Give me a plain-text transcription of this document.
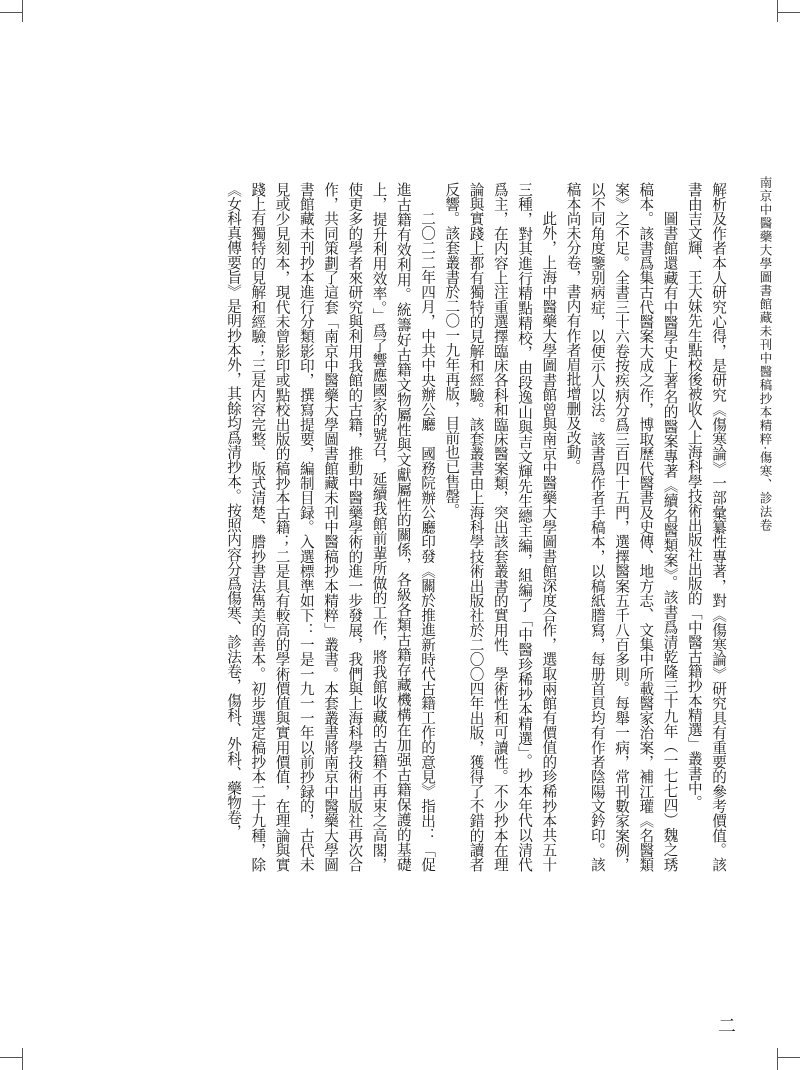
南京中醫藥大學圖書館藏未刊中醫稿抄本精粹·傷寒、診法卷

解析及作者本人研究心得，是研究《傷寒論》一部彙纂性專著，對《傷寒論》研究具有重要的參考價值。該書由吉文輝、王大妹先生點校後被收入上海科學技術出版社出版的「中醫古籍抄本精選」叢書中。

圖書館還藏有中醫學史上著名的醫案專著《續名醫類案》。該書爲清乾隆三十九年（一七七四）魏之琇稿本。該書爲集古代醫案大成之作，博取歷代醫書及史傳、地方志、文集中所載醫家治案，補江瓘《名醫類案》之不足。全書三十六卷按疾病分爲三百四十五門，選擇醫案五千八百多則。每舉一病，常刊數家案例，以不同角度鑒别病症，以便示人以法。該書爲作者手稿本，以稿紙謄寫，每册首頁均有作者陰陽文鈐印。該稿本尚未分卷，書内有作者眉批增删及改動。

此外，上海中醫藥大學圖書館曾與南京中醫藥大學圖書館深度合作，選取兩館有價值的珍稀抄本共五十三種，對其進行精點精校，由段逸山與吉文輝先生總主編，組編了「中醫珍稀抄本精選」。抄本年代以清代爲主，在内容上注重選擇臨床各科和臨床醫案類，突出該套叢書的實用性、學術性和可讀性。不少抄本在理論與實踐上都有獨特的見解和經驗。該套叢書由上海科學技術出版社於二〇〇四年出版，獲得了不錯的讀者反響。該套叢書於二〇一九年再版，目前也已售罄。

二〇二二年四月，中共中央辦公廳　國務院辦公廳印發《關於推進新時代古籍工作的意見》指出：「促進古籍有效利用。統籌好古籍文物屬性與文獻屬性的關係，各級各類古籍存藏機構在加强古籍保護的基礎上，提升利用效率。」爲了響應國家的號召，延續我館前輩所做的工作，將我館收藏的古籍不再束之高閣，使更多的學者來研究與利用我館的古籍，推動中醫藥學術的進一步發展，我們與上海科學技術出版社再次合作，共同策劃了這套「南京中醫藥大學圖書館藏未刊中醫稿抄本精粹」叢書。本套叢書將南京中醫藥大學圖書館藏未刊抄本進行分類影印，撰寫提要，編制目録。入選標準如下：一是一九一一年以前抄録的，古代未見或少見刻本，現代未曾影印或點校出版的稿抄本古籍；二是具有較高的學術價值與實用價值，在理論與實踐上有獨特的見解和經驗；三是内容完整、版式清楚、謄抄書法雋美的善本。初步選定稿抄本二十九種，除《女科真傳要旨》是明抄本外，其餘均爲清抄本。按照内容分爲傷寒、診法卷，傷科、外科、藥物卷，

二
